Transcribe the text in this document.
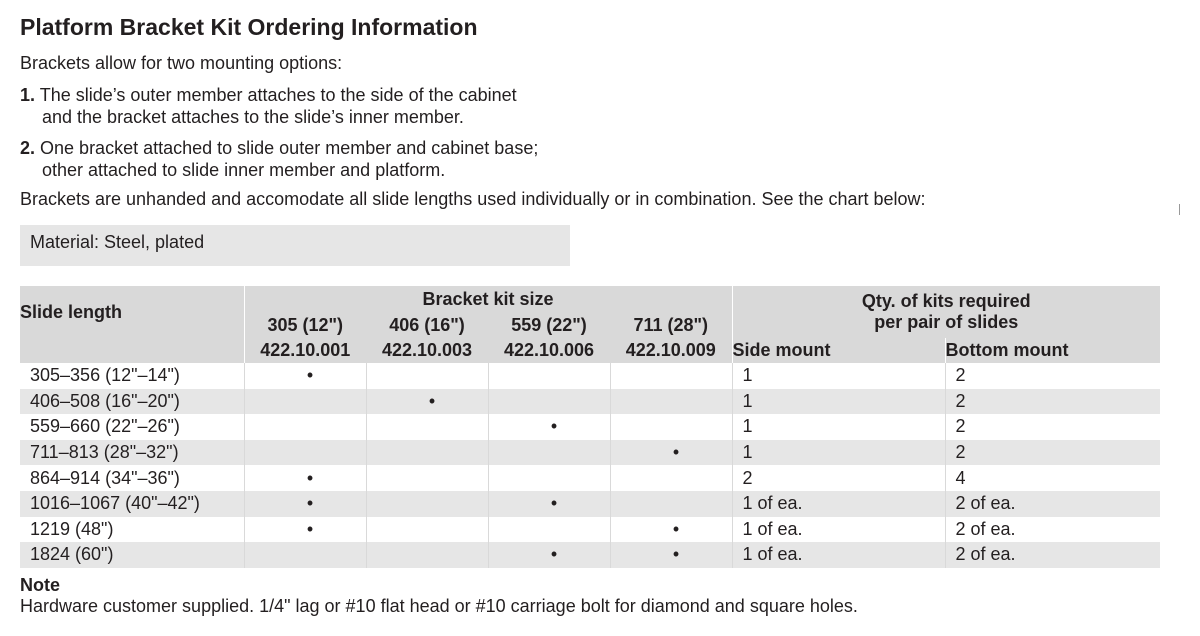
Platform Bracket Kit Ordering Information
Brackets allow for two mounting options:
1. The slide’s outer member attaches to the side of the cabinet
and the bracket attaches to the slide’s inner member.
2. One bracket attached to slide outer member and cabinet base;
other attached to slide inner member and platform.
Brackets are unhanded and accomodate all slide lengths used individually or in combination. See the chart below:
Material: Steel, plated
Slide length	Bracket kit size				Qty. of kits required
per pair of slides	
	305 (12")	406 (16")	559 (22")	711 (28")		
	422.10.001	422.10.003	422.10.006	422.10.009	Side mount	Bottom mount
305–356 (12"–14")	•				1	2
406–508 (16"–20")		•			1	2
559–660 (22"–26")			•		1	2
711–813 (28"–32")				•	1	2
864–914 (34"–36")	•				2	4
1016–1067 (40"–42")	•		•		1 of ea.	2 of ea.
1219 (48")	•			•	1 of ea.	2 of ea.
1824 (60")			•	•	1 of ea.	2 of ea.
Note
Hardware customer supplied. 1/4" lag or #10 flat head or #10 carriage bolt for diamond and square holes.
